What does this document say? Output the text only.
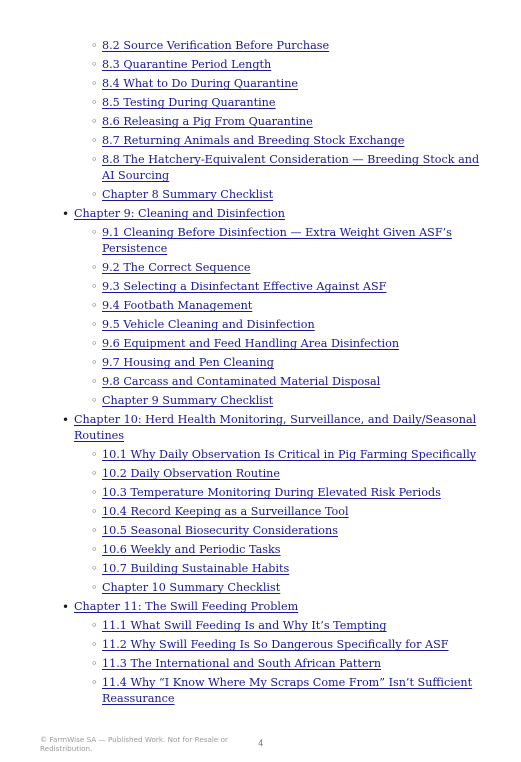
◦ 8.2 Source Verification Before Purchase
◦ 8.3 Quarantine Period Length
◦ 8.4 What to Do During Quarantine
◦ 8.5 Testing During Quarantine
◦ 8.6 Releasing a Pig From Quarantine
◦ 8.7 Returning Animals and Breeding Stock Exchange
◦ 8.8 The Hatchery-Equivalent Consideration — Breeding Stock and AI Sourcing
◦ Chapter 8 Summary Checklist
• Chapter 9: Cleaning and Disinfection
◦ 9.1 Cleaning Before Disinfection — Extra Weight Given ASF’s Persistence
◦ 9.2 The Correct Sequence
◦ 9.3 Selecting a Disinfectant Effective Against ASF
◦ 9.4 Footbath Management
◦ 9.5 Vehicle Cleaning and Disinfection
◦ 9.6 Equipment and Feed Handling Area Disinfection
◦ 9.7 Housing and Pen Cleaning
◦ 9.8 Carcass and Contaminated Material Disposal
◦ Chapter 9 Summary Checklist
• Chapter 10: Herd Health Monitoring, Surveillance, and Daily/Seasonal Routines
◦ 10.1 Why Daily Observation Is Critical in Pig Farming Specifically
◦ 10.2 Daily Observation Routine
◦ 10.3 Temperature Monitoring During Elevated Risk Periods
◦ 10.4 Record Keeping as a Surveillance Tool
◦ 10.5 Seasonal Biosecurity Considerations
◦ 10.6 Weekly and Periodic Tasks
◦ 10.7 Building Sustainable Habits
◦ Chapter 10 Summary Checklist
• Chapter 11: The Swill Feeding Problem
◦ 11.1 What Swill Feeding Is and Why It’s Tempting
◦ 11.2 Why Swill Feeding Is So Dangerous Specifically for ASF
◦ 11.3 The International and South African Pattern
◦ 11.4 Why “I Know Where My Scraps Come From” Isn’t Sufficient Reassurance
© FarmWise SA — Published Work. Not for Resale or Redistribution.	4
